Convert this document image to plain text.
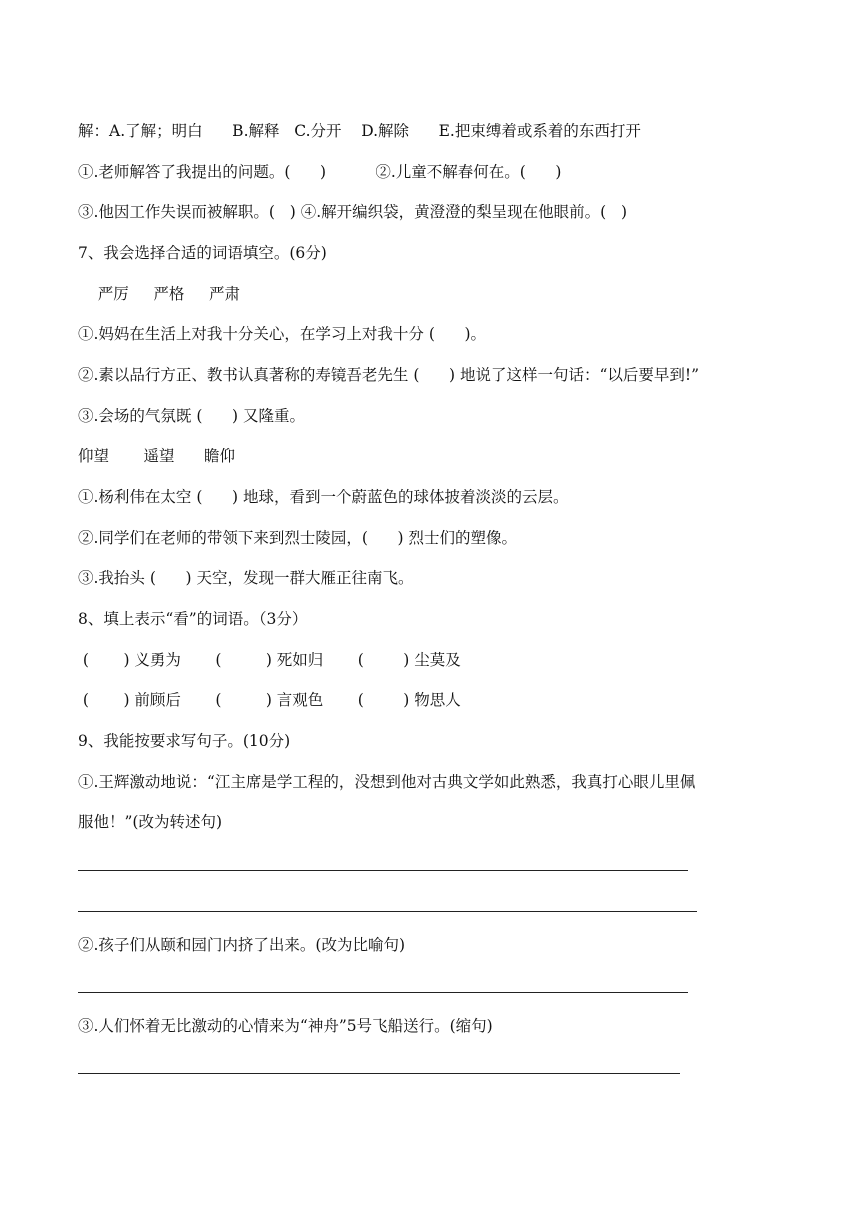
解：A.了解；明白      B.解释   C.分开    D.解除      E.把束缚着或系着的东西打开
①.老师解答了我提出的问题。(      )          ②.儿童不解春何在。(      )
③.他因工作失误而被解职。(   ) ④.解开编织袋，黄澄澄的梨呈现在他眼前。(   )
7、我会选择合适的词语填空。(6分)
严厉     严格     严肃
①.妈妈在生活上对我十分关心，在学习上对我十分 (      )。
②.素以品行方正、教书认真著称的寿镜吾老先生 (      ) 地说了这样一句话：“以后要早到!”
③.会场的气氛既 (      ) 又隆重。
仰望       遥望      瞻仰
①.杨利伟在太空 (      ) 地球，看到一个蔚蓝色的球体披着淡淡的云层。
②.同学们在老师的带领下来到烈士陵园，(      ) 烈士们的塑像。
③.我抬头 (      ) 天空，发现一群大雁正往南飞。
8、填上表示“看”的词语。（3分）
(       ) 义勇为       (         ) 死如归       (        ) 尘莫及
(       ) 前顾后       (         ) 言观色       (        ) 物思人
9、我能按要求写句子。(10分)
①.王辉激动地说：“江主席是学工程的，没想到他对古典文学如此熟悉，我真打心眼儿里佩
服他！”(改为转述句)
②.孩子们从颐和园门内挤了出来。(改为比喻句)
③.人们怀着无比激动的心情来为“神舟”5号飞船送行。(缩句)
